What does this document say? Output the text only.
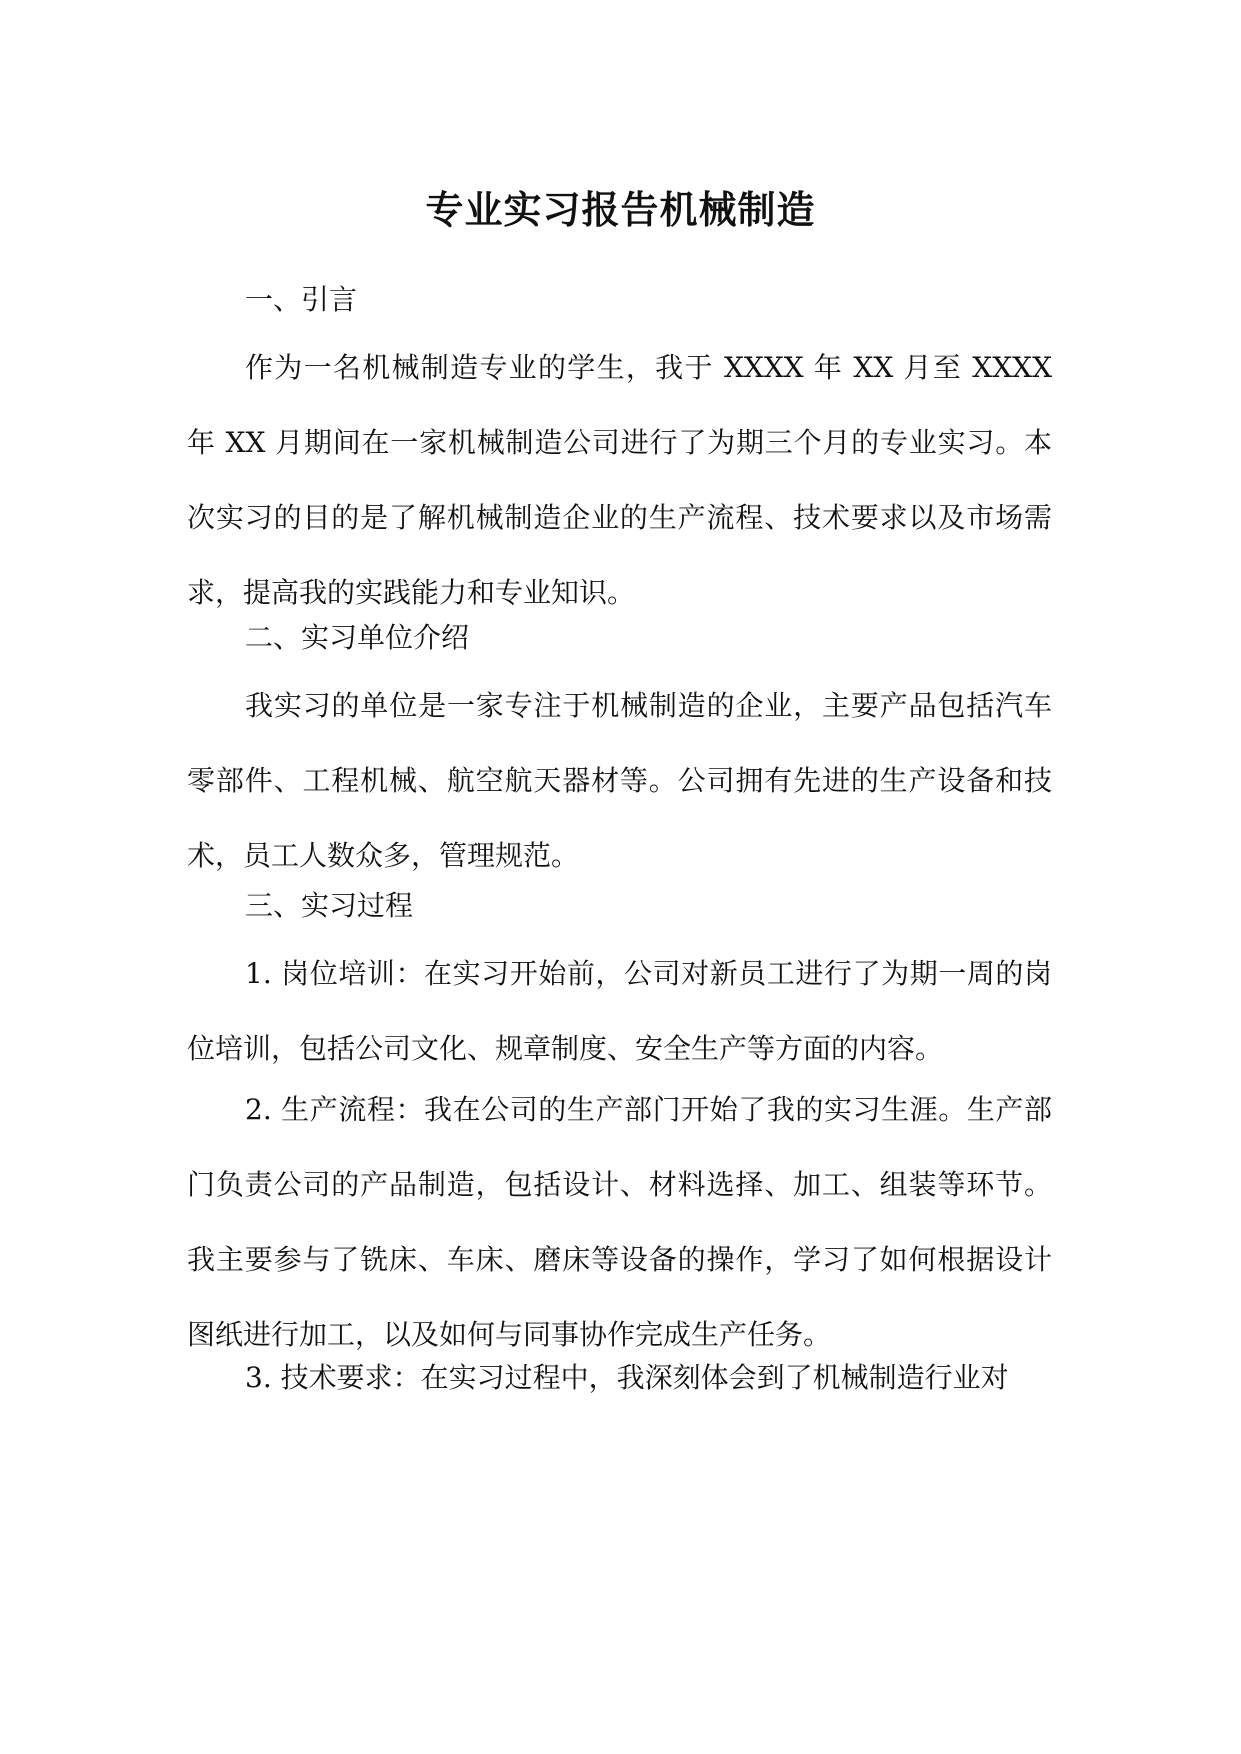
专业实习报告机械制造
一、引言
作为一名机械制造专业的学生，我于 XXXX 年 XX 月至 XXXX 年 XX 月期间在一家机械制造公司进行了为期三个月的专业实习。本次实习的目的是了解机械制造企业的生产流程、技术要求以及市场需求，提高我的实践能力和专业知识。
二、实习单位介绍
我实习的单位是一家专注于机械制造的企业，主要产品包括汽车零部件、工程机械、航空航天器材等。公司拥有先进的生产设备和技术，员工人数众多，管理规范。
三、实习过程
1. 岗位培训：在实习开始前，公司对新员工进行了为期一周的岗位培训，包括公司文化、规章制度、安全生产等方面的内容。
2. 生产流程：我在公司的生产部门开始了我的实习生涯。生产部门负责公司的产品制造，包括设计、材料选择、加工、组装等环节。我主要参与了铣床、车床、磨床等设备的操作，学习了如何根据设计图纸进行加工，以及如何与同事协作完成生产任务。
3. 技术要求：在实习过程中，我深刻体会到了机械制造行业对
